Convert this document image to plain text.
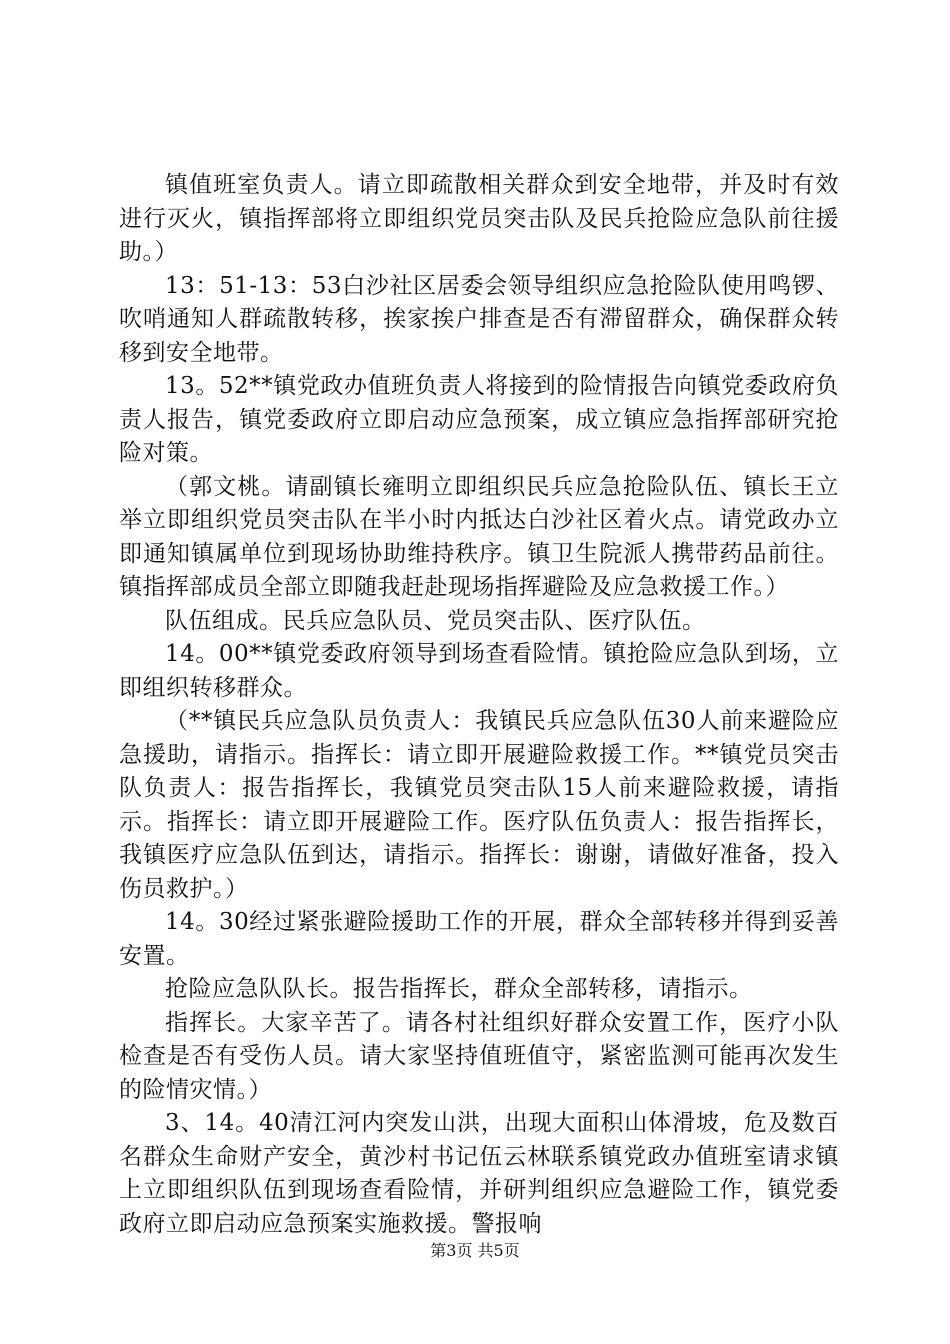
镇值班室负责人。请立即疏散相关群众到安全地带，并及时有效进行灭火，镇指挥部将立即组织党员突击队及民兵抢险应急队前往援助。）

13：51-13：53白沙社区居委会领导组织应急抢险队使用鸣锣、吹哨通知人群疏散转移，挨家挨户排查是否有滞留群众，确保群众转移到安全地带。

13。52**镇党政办值班负责人将接到的险情报告向镇党委政府负责人报告，镇党委政府立即启动应急预案，成立镇应急指挥部研究抢险对策。

（郭文桃。请副镇长雍明立即组织民兵应急抢险队伍、镇长王立举立即组织党员突击队在半小时内抵达白沙社区着火点。请党政办立即通知镇属单位到现场协助维持秩序。镇卫生院派人携带药品前往。镇指挥部成员全部立即随我赶赴现场指挥避险及应急救援工作。）

队伍组成。民兵应急队员、党员突击队、医疗队伍。

14。00**镇党委政府领导到场查看险情。镇抢险应急队到场，立即组织转移群众。

（**镇民兵应急队员负责人：我镇民兵应急队伍30人前来避险应急援助，请指示。指挥长：请立即开展避险救援工作。**镇党员突击队负责人：报告指挥长，我镇党员突击队15人前来避险救援，请指示。指挥长：请立即开展避险工作。医疗队伍负责人：报告指挥长，我镇医疗应急队伍到达，请指示。指挥长：谢谢，请做好准备，投入伤员救护。）

14。30经过紧张避险援助工作的开展，群众全部转移并得到妥善安置。

抢险应急队队长。报告指挥长，群众全部转移，请指示。

指挥长。大家辛苦了。请各村社组织好群众安置工作，医疗小队检查是否有受伤人员。请大家坚持值班值守，紧密监测可能再次发生的险情灾情。）

3、14。40清江河内突发山洪，出现大面积山体滑坡，危及数百名群众生命财产安全，黄沙村书记伍云林联系镇党政办值班室请求镇上立即组织队伍到现场查看险情，并研判组织应急避险工作，镇党委政府立即启动应急预案实施救援。警报响

第3页 共5页
